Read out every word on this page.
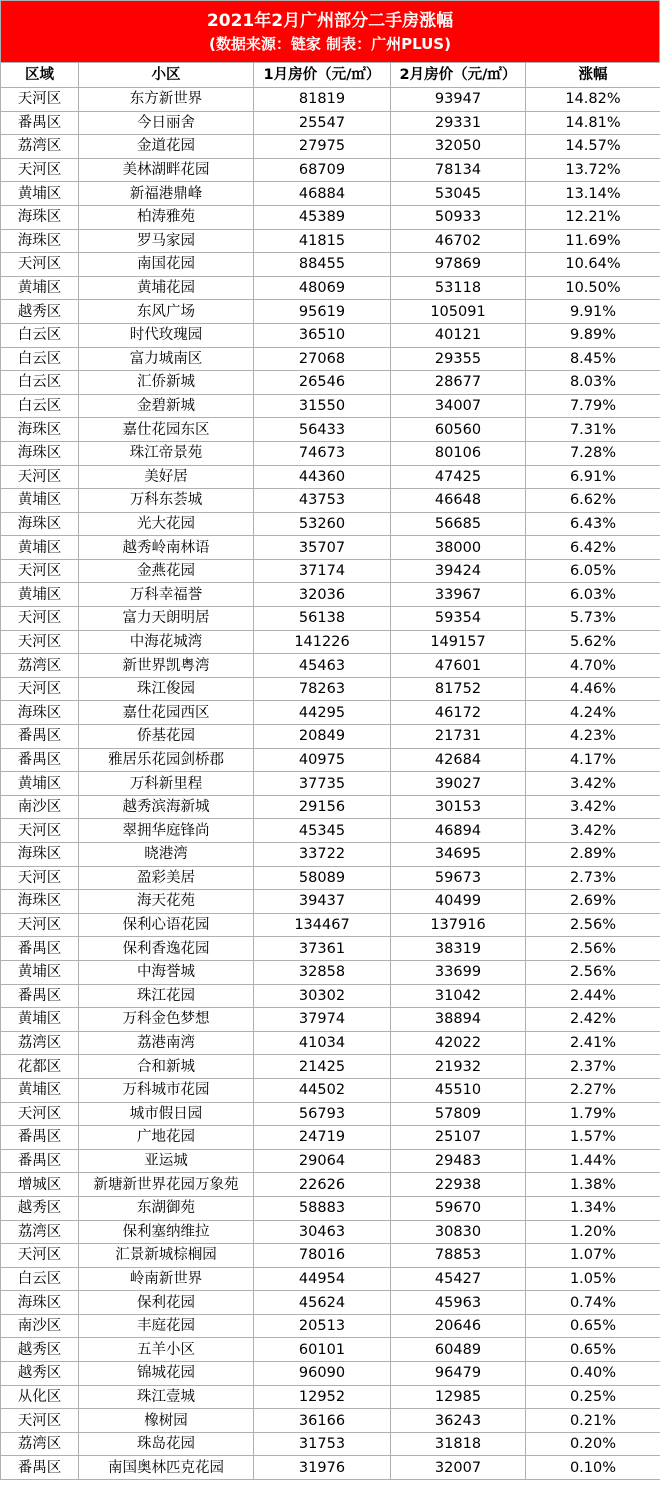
2021年2月广州部分二手房涨幅
(数据来源：链家 制表：广州PLUS)
区域	小区	1月房价（元/㎡）	2月房价（元/㎡）	涨幅
天河区	东方新世界	81819	93947	14.82%
番禺区	今日丽舍	25547	29331	14.81%
荔湾区	金道花园	27975	32050	14.57%
天河区	美林湖畔花园	68709	78134	13.72%
黄埔区	新福港鼎峰	46884	53045	13.14%
海珠区	柏涛雅苑	45389	50933	12.21%
海珠区	罗马家园	41815	46702	11.69%
天河区	南国花园	88455	97869	10.64%
黄埔区	黄埔花园	48069	53118	10.50%
越秀区	东风广场	95619	105091	9.91%
白云区	时代玫瑰园	36510	40121	9.89%
白云区	富力城南区	27068	29355	8.45%
白云区	汇侨新城	26546	28677	8.03%
白云区	金碧新城	31550	34007	7.79%
海珠区	嘉仕花园东区	56433	60560	7.31%
海珠区	珠江帝景苑	74673	80106	7.28%
天河区	美好居	44360	47425	6.91%
黄埔区	万科东荟城	43753	46648	6.62%
海珠区	光大花园	53260	56685	6.43%
黄埔区	越秀岭南林语	35707	38000	6.42%
天河区	金燕花园	37174	39424	6.05%
黄埔区	万科幸福誉	32036	33967	6.03%
天河区	富力天朗明居	56138	59354	5.73%
天河区	中海花城湾	141226	149157	5.62%
荔湾区	新世界凯粤湾	45463	47601	4.70%
天河区	珠江俊园	78263	81752	4.46%
海珠区	嘉仕花园西区	44295	46172	4.24%
番禺区	侨基花园	20849	21731	4.23%
番禺区	雅居乐花园剑桥郡	40975	42684	4.17%
黄埔区	万科新里程	37735	39027	3.42%
南沙区	越秀滨海新城	29156	30153	3.42%
天河区	翠拥华庭锋尚	45345	46894	3.42%
海珠区	晓港湾	33722	34695	2.89%
天河区	盈彩美居	58089	59673	2.73%
海珠区	海天花苑	39437	40499	2.69%
天河区	保利心语花园	134467	137916	2.56%
番禺区	保利香逸花园	37361	38319	2.56%
黄埔区	中海誉城	32858	33699	2.56%
番禺区	珠江花园	30302	31042	2.44%
黄埔区	万科金色梦想	37974	38894	2.42%
荔湾区	荔港南湾	41034	42022	2.41%
花都区	合和新城	21425	21932	2.37%
黄埔区	万科城市花园	44502	45510	2.27%
天河区	城市假日园	56793	57809	1.79%
番禺区	广地花园	24719	25107	1.57%
番禺区	亚运城	29064	29483	1.44%
增城区	新塘新世界花园万象苑	22626	22938	1.38%
越秀区	东湖御苑	58883	59670	1.34%
荔湾区	保利塞纳维拉	30463	30830	1.20%
天河区	汇景新城棕榈园	78016	78853	1.07%
白云区	岭南新世界	44954	45427	1.05%
海珠区	保利花园	45624	45963	0.74%
南沙区	丰庭花园	20513	20646	0.65%
越秀区	五羊小区	60101	60489	0.65%
越秀区	锦城花园	96090	96479	0.40%
从化区	珠江壹城	12952	12985	0.25%
天河区	橡树园	36166	36243	0.21%
荔湾区	珠岛花园	31753	31818	0.20%
番禺区	南国奥林匹克花园	31976	32007	0.10%
